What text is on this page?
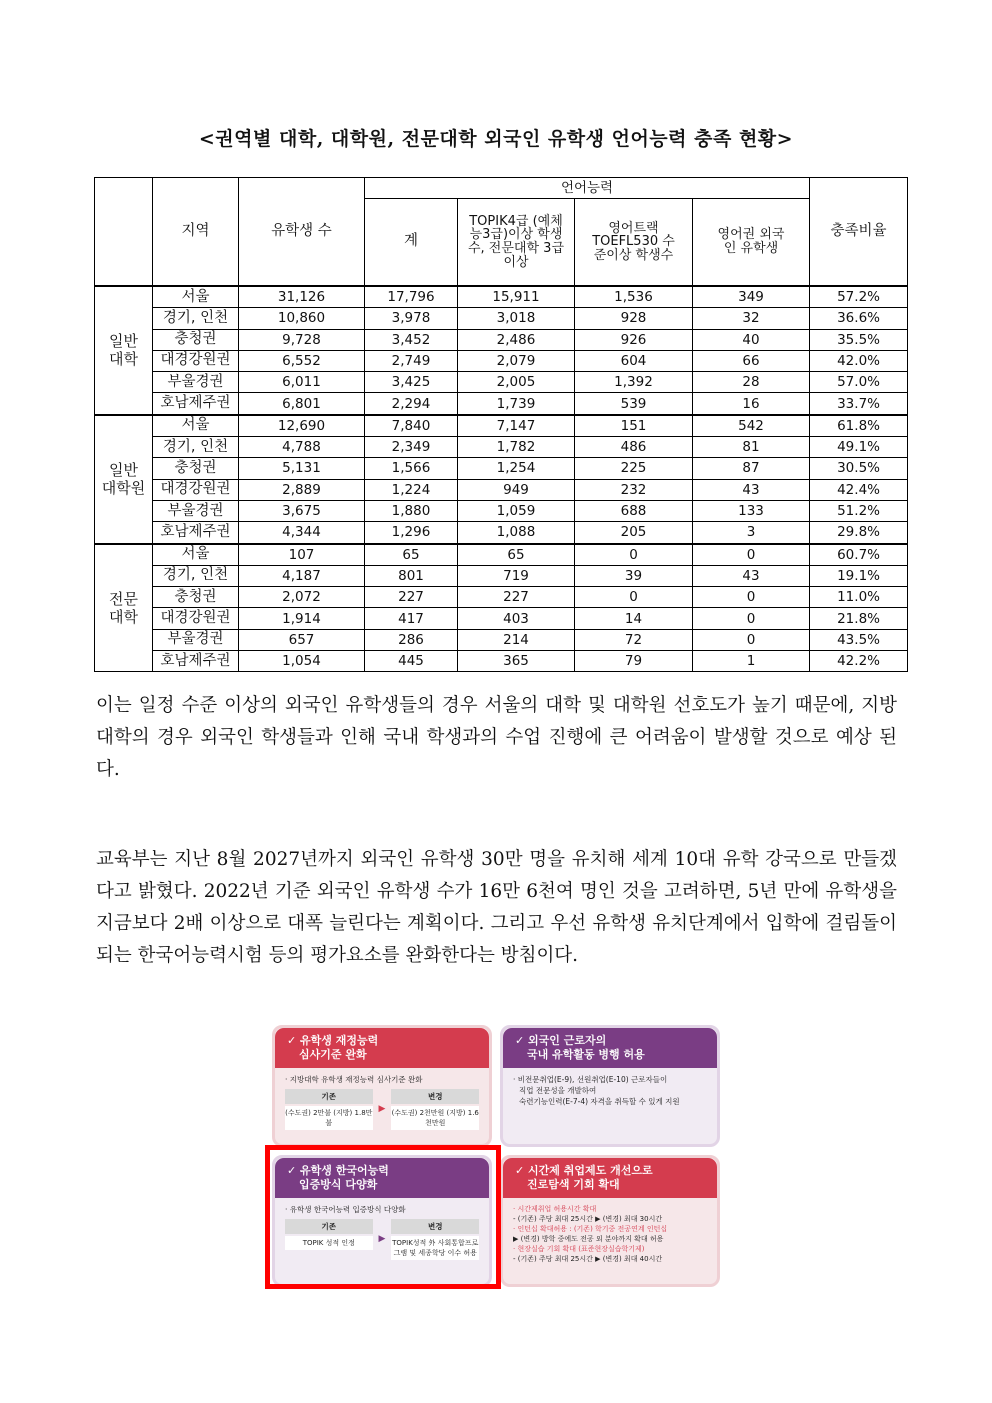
<권역별 대학, 대학원, 전문대학 외국인 유학생 언어능력 충족 현황>
	지역	유학생 수	언어능력				충족비율
			계	TOPIK4급 (예체능3급)이상 학생수, 전문대학 3급 이상	영어트랙 TOEFL530 수준이상 학생수	영어권 외국인 유학생	
일반 대학	서울	31,126	17,796	15,911	1,536	349	57.2%
	경기, 인천	10,860	3,978	3,018	928	32	36.6%
	충청권	9,728	3,452	2,486	926	40	35.5%
	대경강원권	6,552	2,749	2,079	604	66	42.0%
	부울경권	6,011	3,425	2,005	1,392	28	57.0%
	호남제주권	6,801	2,294	1,739	539	16	33.7%
일반 대학원	서울	12,690	7,840	7,147	151	542	61.8%
	경기, 인천	4,788	2,349	1,782	486	81	49.1%
	충청권	5,131	1,566	1,254	225	87	30.5%
	대경강원권	2,889	1,224	949	232	43	42.4%
	부울경권	3,675	1,880	1,059	688	133	51.2%
	호남제주권	4,344	1,296	1,088	205	3	29.8%
전문 대학	서울	107	65	65	0	0	60.7%
	경기, 인천	4,187	801	719	39	43	19.1%
	충청권	2,072	227	227	0	0	11.0%
	대경강원권	1,914	417	403	14	0	21.8%
	부울경권	657	286	214	72	0	43.5%
	호남제주권	1,054	445	365	79	1	42.2%
이는 일정 수준 이상의 외국인 유학생들의 경우 서울의 대학 및 대학원 선호도가 높기 때문에, 지방대학의 경우 외국인 학생들과 인해 국내 학생과의 수업 진행에 큰 어려움이 발생할 것으로 예상 된다.
교육부는 지난 8월 2027년까지 외국인 유학생 30만 명을 유치해 세계 10대 유학 강국으로 만들겠다고 밝혔다. 2022년 기준 외국인 유학생 수가 16만 6천여 명인 것을 고려하면, 5년 만에 유학생을 지금보다 2배 이상으로 대폭 늘린다는 계획이다. 그리고 우선 유학생 유치단계에서 입학에 걸림돌이 되는 한국어능력시험 등의 평가요소를 완화한다는 방침이다.
✓ 유학생 재정능력
심사기준 완화
· 지방대학 유학생 재정능력 심사기준 완화
기존
(수도권) 2만불 (지방) 1.8만불
▶
변경
(수도권) 2천만원 (지방) 1.6천만원
✓ 외국인 근로자의
국내 유학활동 병행 허용
· 비전문취업(E-9), 선원취업(E-10) 근로자들이
직업 전문성을 개발하여
숙련기능인력(E-7-4) 자격을 취득할 수 있게 지원
✓ 유학생 한국어능력
입증방식 다양화
· 유학생 한국어능력 입증방식 다양화
기존
TOPIK 성적 인정	▶
변경
TOPIK성적 外 사회통합프로그램 및 세종학당 이수 허용
✓ 시간제 취업제도 개선으로
진로탐색 기회 확대
· 시간제취업 허용시간 확대
- (기존) 주당 최대 25시간 ▶ (변경) 최대 30시간
· 인턴십 확대허용 : (기존) 학기중 전공연계 인턴십
▶ (변경) 방학 중에도 전공 외 분야까지 확대 허용
· 현장실습 기회 확대 (표준현장실습학기제)
- (기존) 주당 최대 25시간 ▶ (변경) 최대 40시간
